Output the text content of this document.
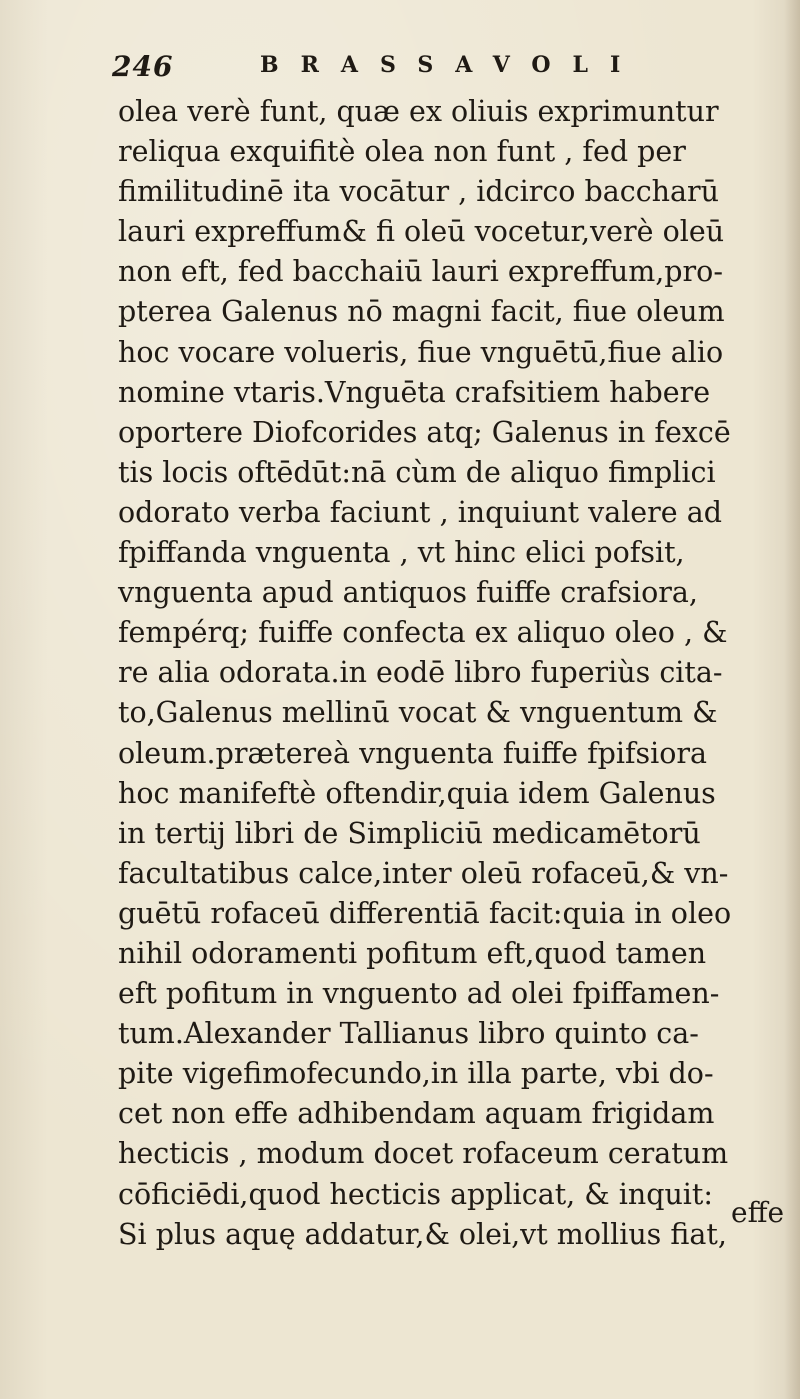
246	BRASSAVOLI
olea verè funt, quæ ex oliuis exprimuntur
reliqua exquifitè olea non funt , fed per
fimilitudinē ita vocātur , idcirco baccharū
lauri expreffum& fi oleū vocetur,verè oleū
non eft, fed bacchaiū lauri expreffum,pro-
pterea Galenus nō magni facit, fiue oleum
hoc vocare volueris, fiue vnguētū,fiue alio
nomine vtaris.Vnguēta crafsitiem habere
oportere Diofcorides atq; Galenus in fexcē
tis locis oftēdūt:nā cùm de aliquo fimplici
odorato verba faciunt , inquiunt valere ad
fpiffanda vnguenta , vt hinc elici pofsit,
vnguenta apud antiquos fuiffe crafsiora,
fempérq; fuiffe confecta ex aliquo oleo , &
re alia odorata.in eodē libro fuperiùs cita-
to,Galenus mellinū vocat & vnguentum &
oleum.prætereà vnguenta fuiffe fpifsiora
hoc manifeftè oftendir,quia idem Galenus
in tertij libri de Simpliciū medicamētorū
facultatibus calce,inter oleū rofaceū,& vn-
guētū rofaceū differentiā facit:quia in oleo
nihil odoramenti pofitum eft,quod tamen
eft pofitum in vnguento ad olei fpiffamen-
tum.Alexander Tallianus libro quinto ca-
pite vigefimofecundo,in illa parte, vbi do-
cet non effe adhibendam aquam frigidam
hecticis , modum docet rofaceum ceratum
cōficiēdi,quod hecticis applicat, & inquit:
Si plus aquę addatur,& olei,vt mollius fiat,
effe
